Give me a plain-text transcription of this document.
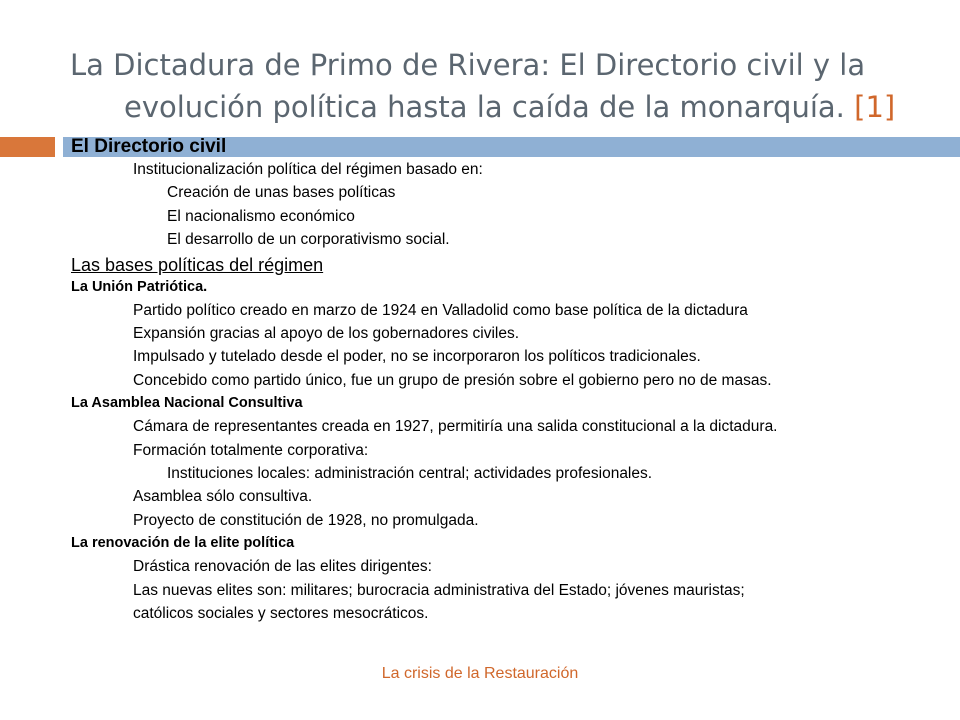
La Dictadura de Primo de Rivera: El Directorio civil y la
evolución política hasta la caída de la monarquía. [1]
El Directorio civil
Institucionalización política del régimen basado en:
Creación de unas bases políticas
El nacionalismo económico
El desarrollo de un corporativismo social.
Las bases políticas del régimen
La Unión Patriótica.
Partido político creado en marzo de 1924 en Valladolid como base política de la dictadura
Expansión gracias al apoyo de los gobernadores civiles.
Impulsado y tutelado desde el poder, no se incorporaron los políticos tradicionales.
Concebido como partido único, fue un grupo de presión sobre el gobierno pero no de masas.
La Asamblea Nacional Consultiva
Cámara de representantes creada en 1927, permitiría una salida constitucional a la dictadura.
Formación totalmente corporativa:
Instituciones locales: administración central; actividades profesionales.
Asamblea sólo consultiva.
Proyecto de constitución de 1928, no promulgada.
La renovación de la elite política
Drástica renovación de las elites dirigentes:
Las nuevas elites son: militares; burocracia administrativa del Estado; jóvenes mauristas;
católicos sociales y sectores mesocráticos.
La crisis de la Restauración
